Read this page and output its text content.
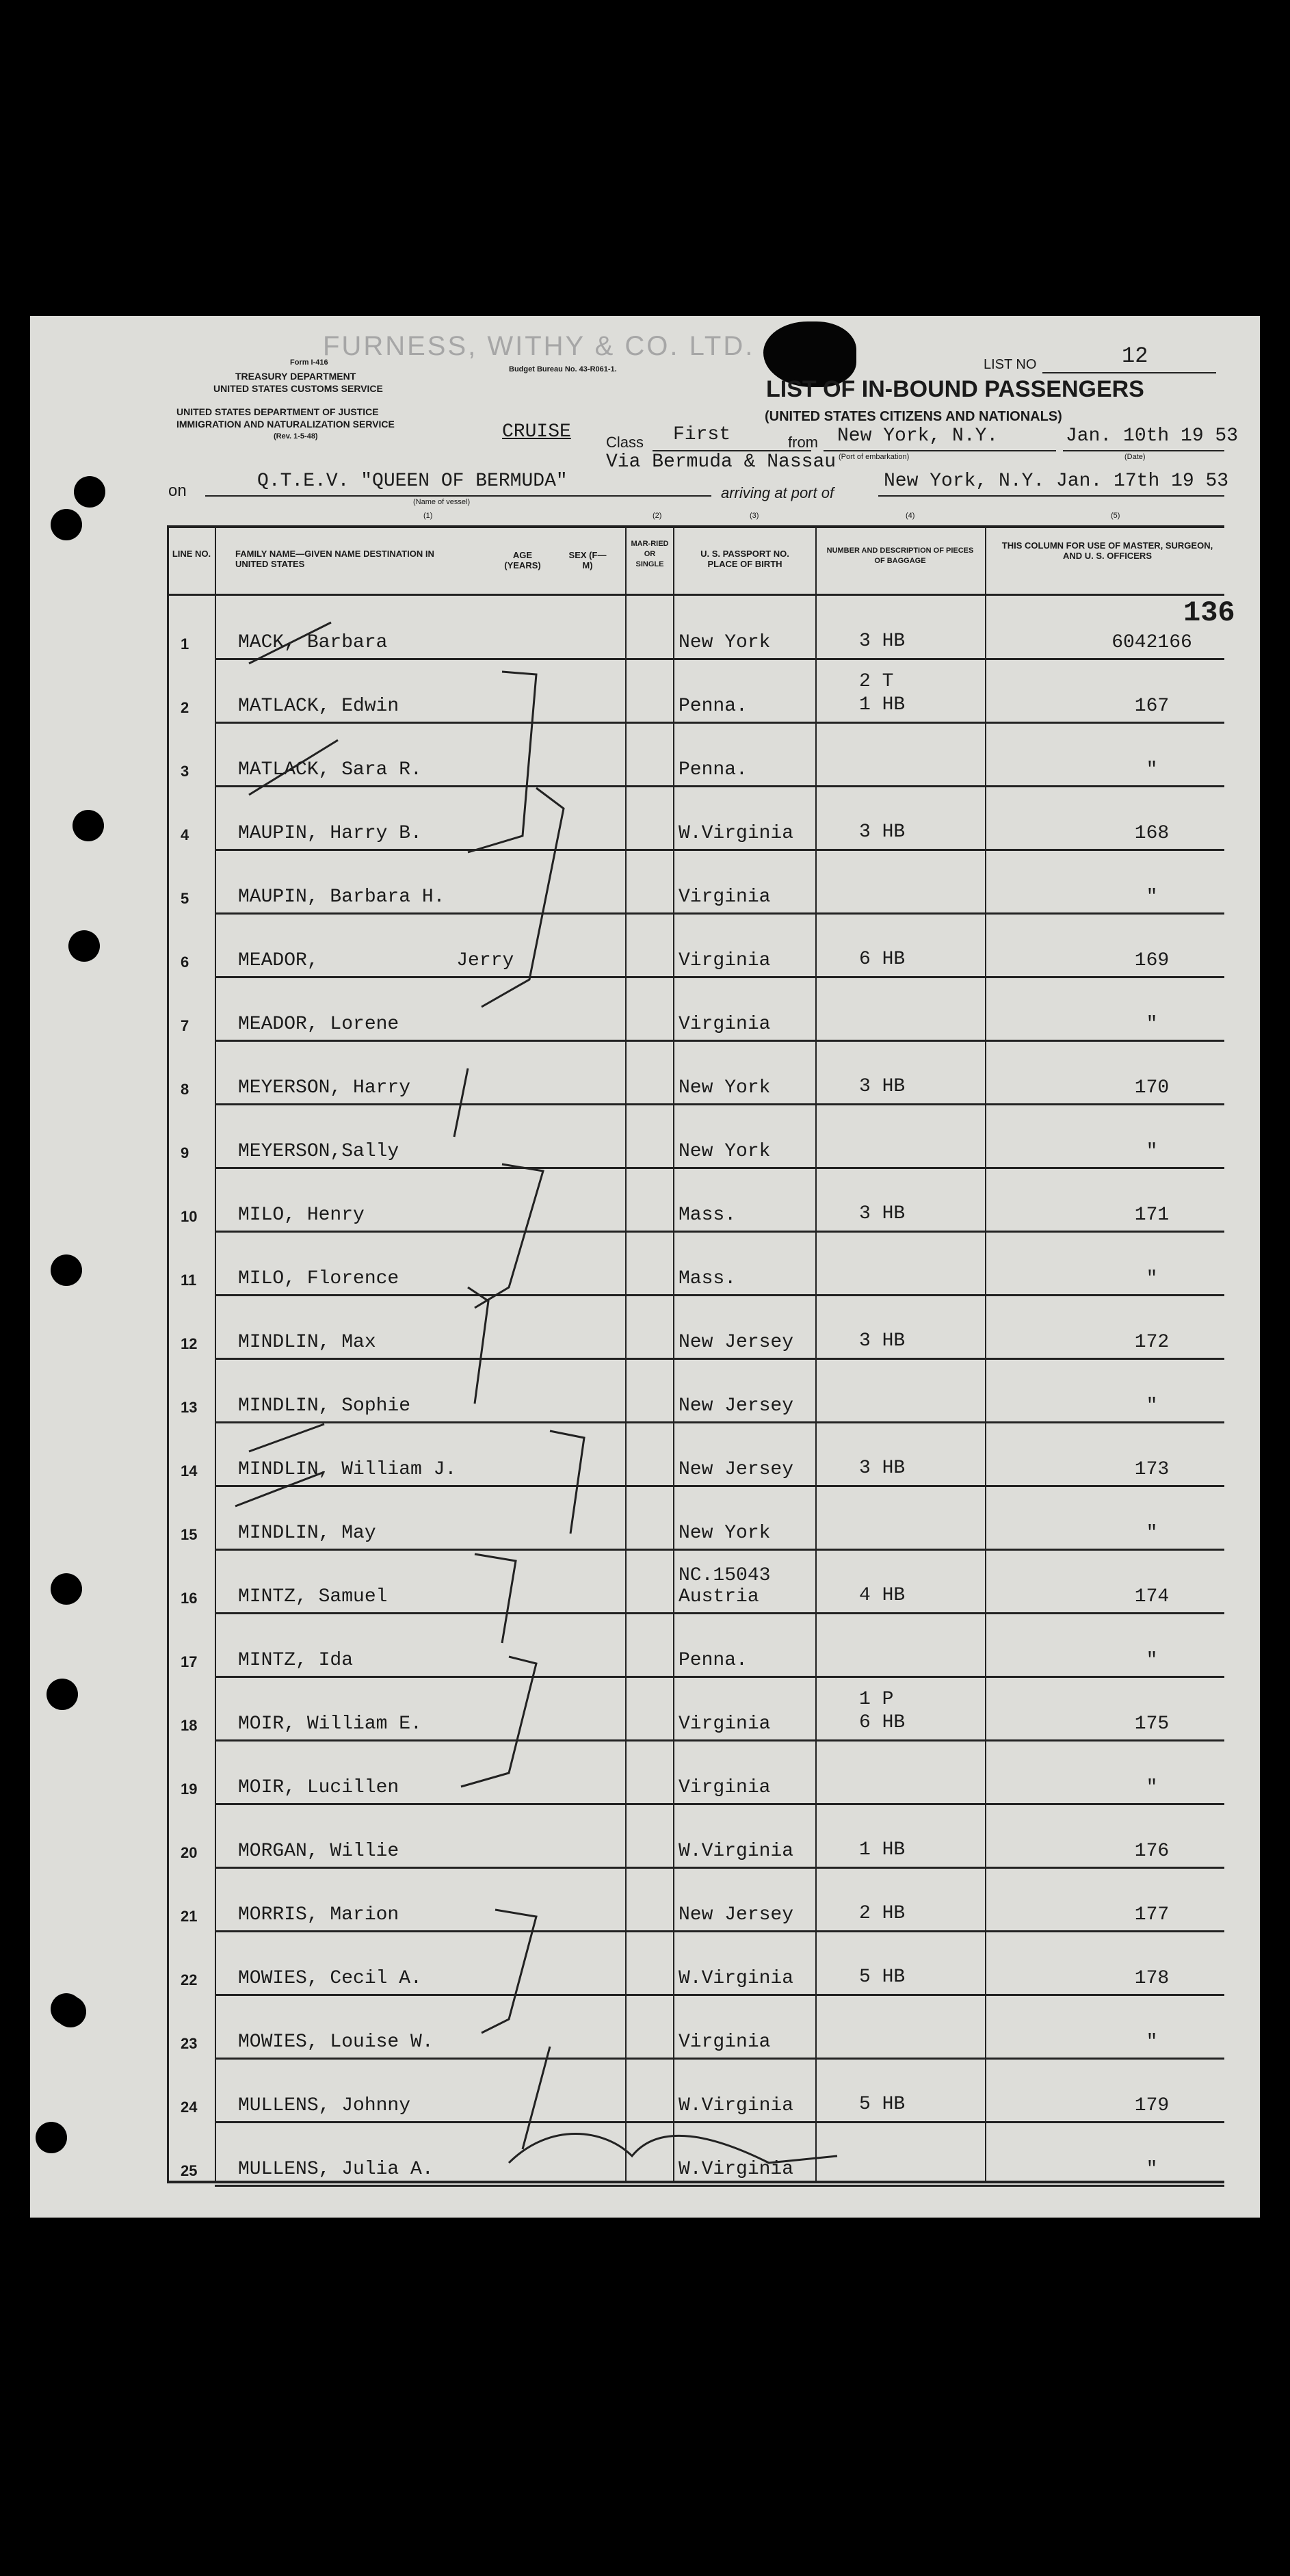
FURNESS, WITHY & CO. LTD.
Form I-416
Budget Bureau No. 43-R061-1.
TREASURY DEPARTMENT
UNITED STATES CUSTOMS SERVICE
UNITED STATES DEPARTMENT OF JUSTICE
IMMIGRATION AND NATURALIZATION SERVICE
(Rev. 1-5-48)
LIST NO	12
LIST OF IN-BOUND PASSENGERS
(UNITED STATES CITIZENS AND NATIONALS)
CRUISE Class First	from New York, N.Y.	Jan. 10th 19 53
Via Bermuda & Nassau (Port of embarkation)	(Date)
on	Q.T.E.V. "QUEEN OF BERMUDA"
(Name of vessel)
arriving at port of
New York, N.Y. Jan. 17th 19 53
(1)	(2)	(3)	(4)	(5)
LINE NO.	FAMILY NAME—GIVEN NAME DESTINATION IN UNITED STATES
AGE (YEARS)
SEX (F—M)
MAR-RIED OR SINGLE
U. S. PASSPORT NO. PLACE OF BIRTH
NUMBER AND DESCRIPTION OF PIECES OF BAGGAGE
THIS COLUMN FOR USE OF MASTER, SURGEON, AND U. S. OFFICERS
136
1	MACK, Barbara	New York	3 HB	6042166
2	MATLACK, Edwin	Penna.
2 T
1 HB	167
3	MATLACK, Sara R.	Penna.	"
4	MAUPIN, Harry B.	W.Virginia	3 HB	168
5	MAUPIN, Barbara H.	Virginia	"
6	MEADOR,            Jerry	Virginia	6 HB	169
7	MEADOR, Lorene	Virginia	"
8	MEYERSON, Harry	New York	3 HB	170
9	MEYERSON,Sally	New York	"
10 MILO, Henry	Mass.	3 HB	171
11 MILO, Florence	Mass.	"
12 MINDLIN, Max	New Jersey	3 HB	172
13 MINDLIN, Sophie	New Jersey	"
14 MINDLIN, William J.	New Jersey	3 HB	173
15 MINDLIN, May	New York	"
16 MINTZ, Samuel
NC.15043
Austria	4 HB	174
17 MINTZ, Ida	Penna.	"
18 MOIR, William E.	Virginia
1 P
6 HB	175
19 MOIR, Lucillen	Virginia	"
20 MORGAN, Willie	W.Virginia	1 HB	176
21 MORRIS, Marion	New Jersey	2 HB	177
22 MOWIES, Cecil A.	W.Virginia	5 HB	178
23 MOWIES, Louise W.	Virginia	"
24 MULLENS, Johnny	W.Virginia	5 HB	179
25 MULLENS, Julia A.	W.Virginia	"
